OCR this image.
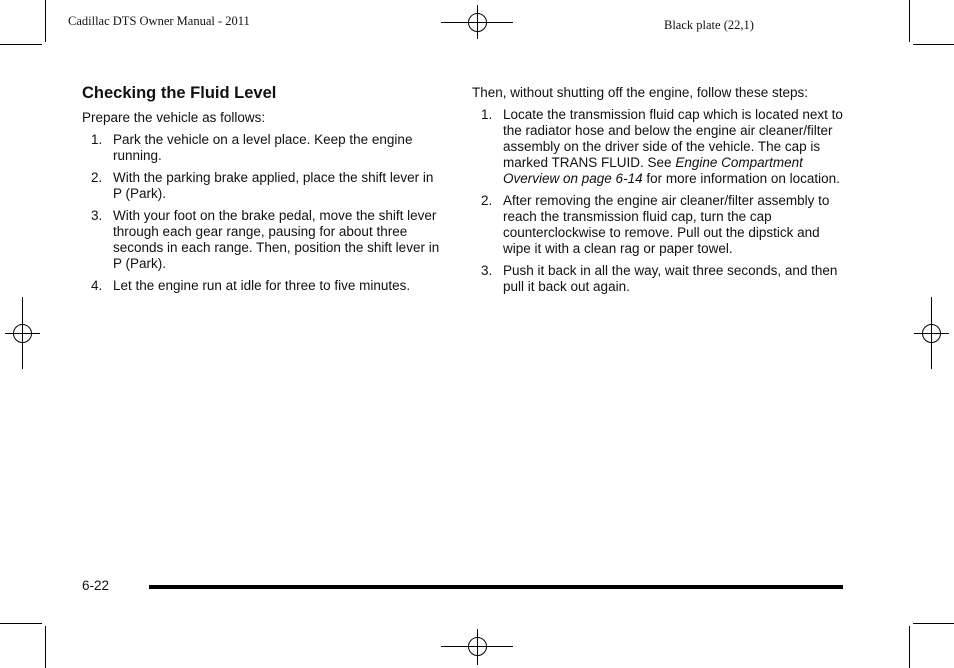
Cadillac DTS Owner Manual - 2011	Black plate (22,1)
Checking the Fluid Level

Prepare the vehicle as follows:

1. Park the vehicle on a level place. Keep the engine running.
2. With the parking brake applied, place the shift lever in P (Park).
3. With your foot on the brake pedal, move the shift lever through each gear range, pausing for about three seconds in each range. Then, position the shift lever in P (Park).
4. Let the engine run at idle for three to five minutes.

Then, without shutting off the engine, follow these steps:

1. Locate the transmission fluid cap which is located next to the radiator hose and below the engine air cleaner/filter assembly on the driver side of the vehicle. The cap is marked TRANS FLUID. See Engine Compartment Overview on page 6-14 for more information on location.
2. After removing the engine air cleaner/filter assembly to reach the transmission fluid cap, turn the cap counterclockwise to remove. Pull out the dipstick and wipe it with a clean rag or paper towel.
3. Push it back in all the way, wait three seconds, and then pull it back out again.
6-22
